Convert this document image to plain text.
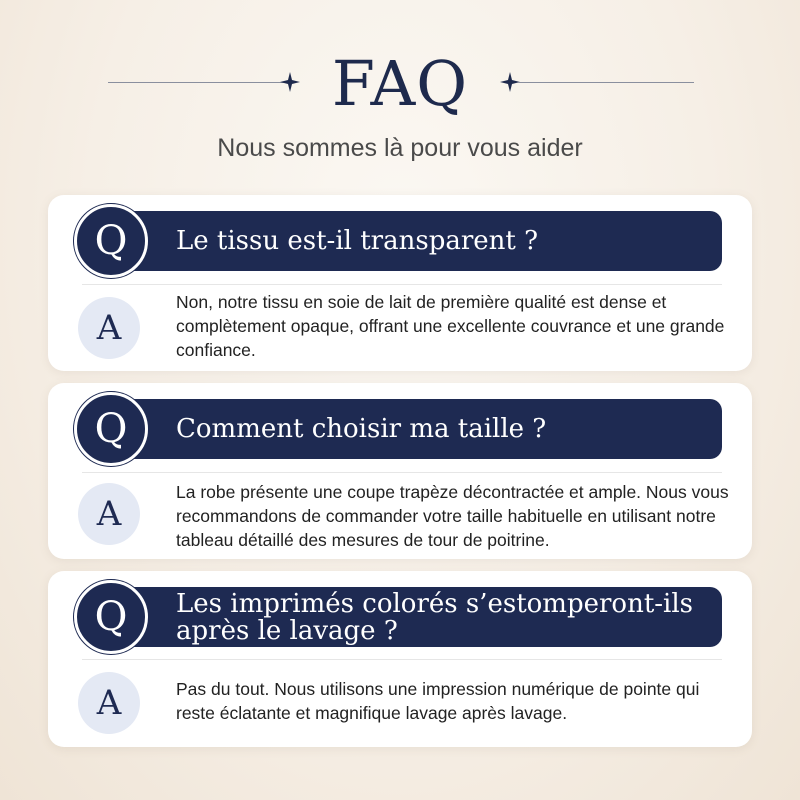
FAQ
Nous sommes là pour vous aider
Q	Le tissu est-il transparent ?
A
Non, notre tissu en soie de lait de première qualité est dense et complètement opaque, offrant une excellente couvrance et une grande confiance.
Q	Comment choisir ma taille ?
A
La robe présente une coupe trapèze décontractée et ample. Nous vous recommandons de commander votre taille habituelle en utilisant notre tableau détaillé des mesures de tour de poitrine.
Q	Les imprimés colorés s’estomperont-ils après le lavage ?
A	Pas du tout. Nous utilisons une impression numérique de pointe qui reste éclatante et magnifique lavage après lavage.
